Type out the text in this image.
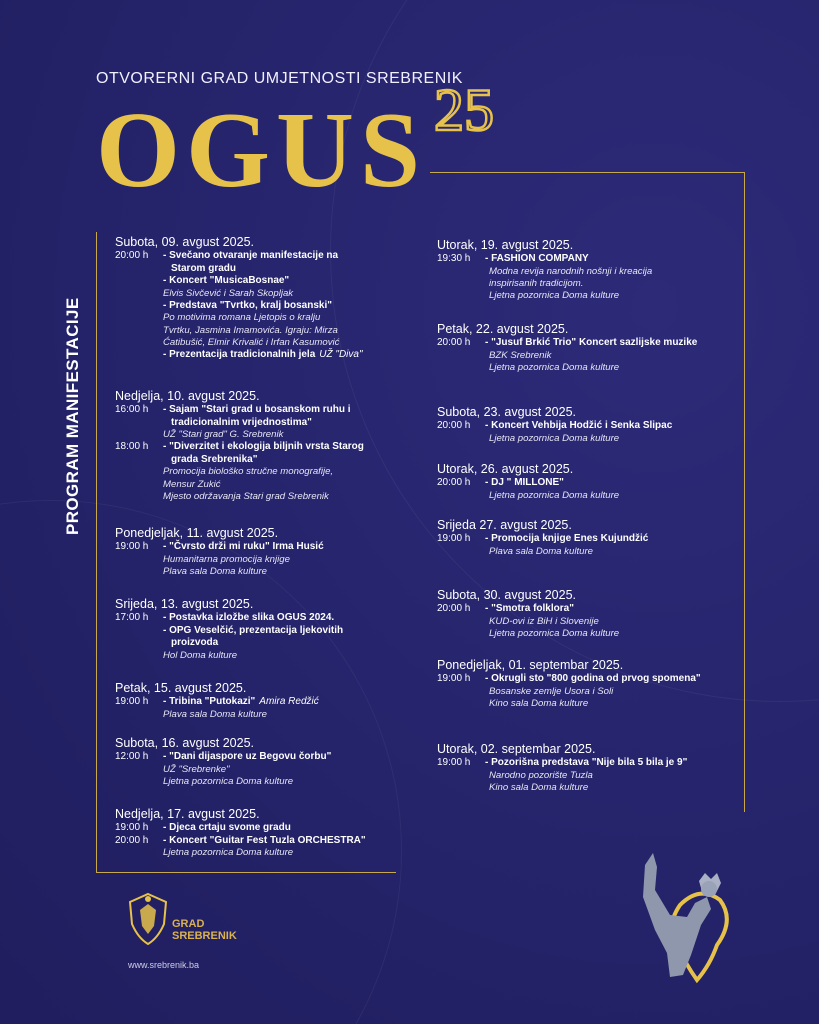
OTVORERNI GRAD UMJETNOSTI SREBRENIK
OGUS 25
PROGRAM MANIFESTACIJE
Subota, 09. avgust 2025.
20:00 h	- Svečano otvaranje manifestacije na
Starom gradu
- Koncert "MusicaBosnae"
Elvis Sivčević i Sarah Skopljak
- Predstava "Tvrtko, kralj bosanski"
Po motivima romana Ljetopis o kralju
Tvrtku, Jasmina Imamovića. Igraju: Mirza
Ćatibušić, Elmir Krivalić i Irfan Kasumović
- Prezentacija tradicionalnih jela UŽ "Diva"
Nedjelja, 10. avgust 2025.
16:00 h	- Sajam "Stari grad u bosanskom ruhu i
tradicionalnim vrijednostima"
UŽ "Stari grad" G. Srebrenik
18:00 h	- "Diverzitet i ekologija biljnih vrsta Starog
grada Srebrenika"
Promocija biološko stručne monografije,
Mensur Zukić
Mjesto održavanja Stari grad Srebrenik
Ponedjeljak, 11. avgust 2025.
19:00 h	- "Čvrsto drži mi ruku" Irma Husić
Humanitarna promocija knjige
Plava sala Doma kulture
Srijeda, 13. avgust 2025.
17:00 h	- Postavka izložbe slika OGUS 2024.
- OPG Veselčić, prezentacija ljekovitih
proizvoda
Hol Doma kulture
Petak, 15. avgust 2025.
19:00 h	- Tribina "Putokazi" Amira Redžić
Plava sala Doma kulture
Subota, 16. avgust 2025.
12:00 h	- "Dani dijaspore uz Begovu čorbu"
UŽ "Srebrenke"
Ljetna pozornica Doma kulture
Nedjelja, 17. avgust 2025.
19:00 h	- Djeca crtaju svome gradu
20:00 h	- Koncert "Guitar Fest Tuzla ORCHESTRA"
Ljetna pozornica Doma kulture
Utorak, 19. avgust 2025.
19:30 h	- FASHION COMPANY
Modna revija narodnih nošnji i kreacija
inspirisanih tradicijom.
Ljetna pozornica Doma kulture
Petak, 22. avgust 2025.
20:00 h	- "Jusuf Brkić Trio" Koncert sazlijske muzike
BZK Srebrenik
Ljetna pozornica Doma kulture
Subota, 23. avgust 2025.
20:00 h	- Koncert Vehbija Hodžić i Senka Slipac
Ljetna pozornica Doma kulture
Utorak, 26. avgust 2025.
20:00 h	- DJ " MILLONE"
Ljetna pozornica Doma kulture
Srijeda 27. avgust 2025.
19:00 h	- Promocija knjige Enes Kujundžić
Plava sala Doma kulture
Subota, 30. avgust 2025.
20:00 h	- "Smotra folklora"
KUD-ovi iz BiH i Slovenije
Ljetna pozornica Doma kulture
Ponedjeljak, 01. septembar 2025.
19:00 h	- Okrugli sto "800 godina od prvog spomena"
Bosanske zemlje Usora i Soli
Kino sala Doma kulture
Utorak, 02. septembar 2025.
19:00 h	- Pozorišna predstava "Nije bila 5 bila je 9"
Narodno pozorište Tuzla
Kino sala Doma kulture
GRAD
SREBRENIK
www.srebrenik.ba
